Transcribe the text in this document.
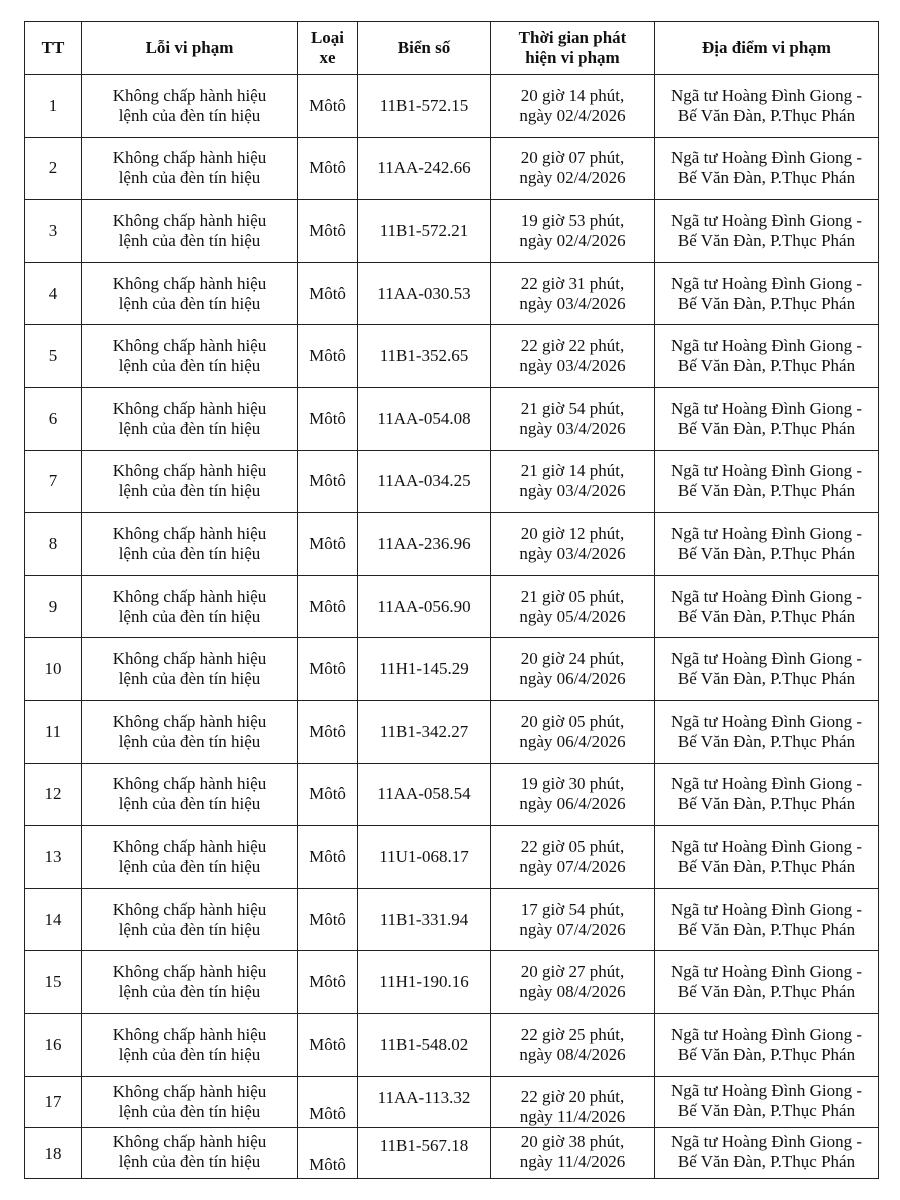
TT	Lỗi vi phạm	Loại
xe	Biển số	Thời gian phát
hiện vi phạm	Địa điểm vi phạm
1	Không chấp hành hiệu
lệnh của đèn tín hiệu	Môtô	11B1-572.15	20 giờ 14 phút,
ngày 02/4/2026	Ngã tư Hoàng Đình Giong -
Bế Văn Đàn, P.Thục Phán

2	Không chấp hành hiệu
lệnh của đèn tín hiệu	Môtô	11AA-242.66	20 giờ 07 phút,
ngày 02/4/2026	Ngã tư Hoàng Đình Giong -
Bế Văn Đàn, P.Thục Phán

3	Không chấp hành hiệu
lệnh của đèn tín hiệu	Môtô	11B1-572.21	19 giờ 53 phút,
ngày 02/4/2026	Ngã tư Hoàng Đình Giong -
Bế Văn Đàn, P.Thục Phán

4	Không chấp hành hiệu
lệnh của đèn tín hiệu	Môtô	11AA-030.53	22 giờ 31 phút,
ngày 03/4/2026	Ngã tư Hoàng Đình Giong -
Bế Văn Đàn, P.Thục Phán

5	Không chấp hành hiệu
lệnh của đèn tín hiệu	Môtô	11B1-352.65	22 giờ 22 phút,
ngày 03/4/2026	Ngã tư Hoàng Đình Giong -
Bế Văn Đàn, P.Thục Phán

6	Không chấp hành hiệu
lệnh của đèn tín hiệu	Môtô	11AA-054.08	21 giờ 54 phút,
ngày 03/4/2026	Ngã tư Hoàng Đình Giong -
Bế Văn Đàn, P.Thục Phán

7	Không chấp hành hiệu
lệnh của đèn tín hiệu	Môtô	11AA-034.25	21 giờ 14 phút,
ngày 03/4/2026	Ngã tư Hoàng Đình Giong -
Bế Văn Đàn, P.Thục Phán

8	Không chấp hành hiệu
lệnh của đèn tín hiệu	Môtô	11AA-236.96	20 giờ 12 phút,
ngày 03/4/2026	Ngã tư Hoàng Đình Giong -
Bế Văn Đàn, P.Thục Phán

9	Không chấp hành hiệu
lệnh của đèn tín hiệu	Môtô	11AA-056.90	21 giờ 05 phút,
ngày 05/4/2026	Ngã tư Hoàng Đình Giong -
Bế Văn Đàn, P.Thục Phán

10	Không chấp hành hiệu
lệnh của đèn tín hiệu	Môtô	11H1-145.29	20 giờ 24 phút,
ngày 06/4/2026	Ngã tư Hoàng Đình Giong -
Bế Văn Đàn, P.Thục Phán

11	Không chấp hành hiệu
lệnh của đèn tín hiệu	Môtô	11B1-342.27	20 giờ 05 phút,
ngày 06/4/2026	Ngã tư Hoàng Đình Giong -
Bế Văn Đàn, P.Thục Phán

12	Không chấp hành hiệu
lệnh của đèn tín hiệu	Môtô	11AA-058.54	19 giờ 30 phút,
ngày 06/4/2026	Ngã tư Hoàng Đình Giong -
Bế Văn Đàn, P.Thục Phán

13	Không chấp hành hiệu
lệnh của đèn tín hiệu	Môtô	11U1-068.17	22 giờ 05 phút,
ngày 07/4/2026	Ngã tư Hoàng Đình Giong -
Bế Văn Đàn, P.Thục Phán

14	Không chấp hành hiệu
lệnh của đèn tín hiệu	Môtô	11B1-331.94	17 giờ 54 phút,
ngày 07/4/2026	Ngã tư Hoàng Đình Giong -
Bế Văn Đàn, P.Thục Phán

15	Không chấp hành hiệu
lệnh của đèn tín hiệu	Môtô	11H1-190.16	20 giờ 27 phút,
ngày 08/4/2026	Ngã tư Hoàng Đình Giong -
Bế Văn Đàn, P.Thục Phán

16	Không chấp hành hiệu
lệnh của đèn tín hiệu	Môtô	11B1-548.02	22 giờ 25 phút,
ngày 08/4/2026	Ngã tư Hoàng Đình Giong -
Bế Văn Đàn, P.Thục Phán

17	Không chấp hành hiệu
lệnh của đèn tín hiệu	Môtô	11AA-113.32	22 giờ 20 phút,
ngày 11/4/2026	Ngã tư Hoàng Đình Giong -
Bế Văn Đàn, P.Thục Phán

18	Không chấp hành hiệu
lệnh của đèn tín hiệu	Môtô	11B1-567.18	20 giờ 38 phút,
ngày 11/4/2026	Ngã tư Hoàng Đình Giong -
Bế Văn Đàn, P.Thục Phán
